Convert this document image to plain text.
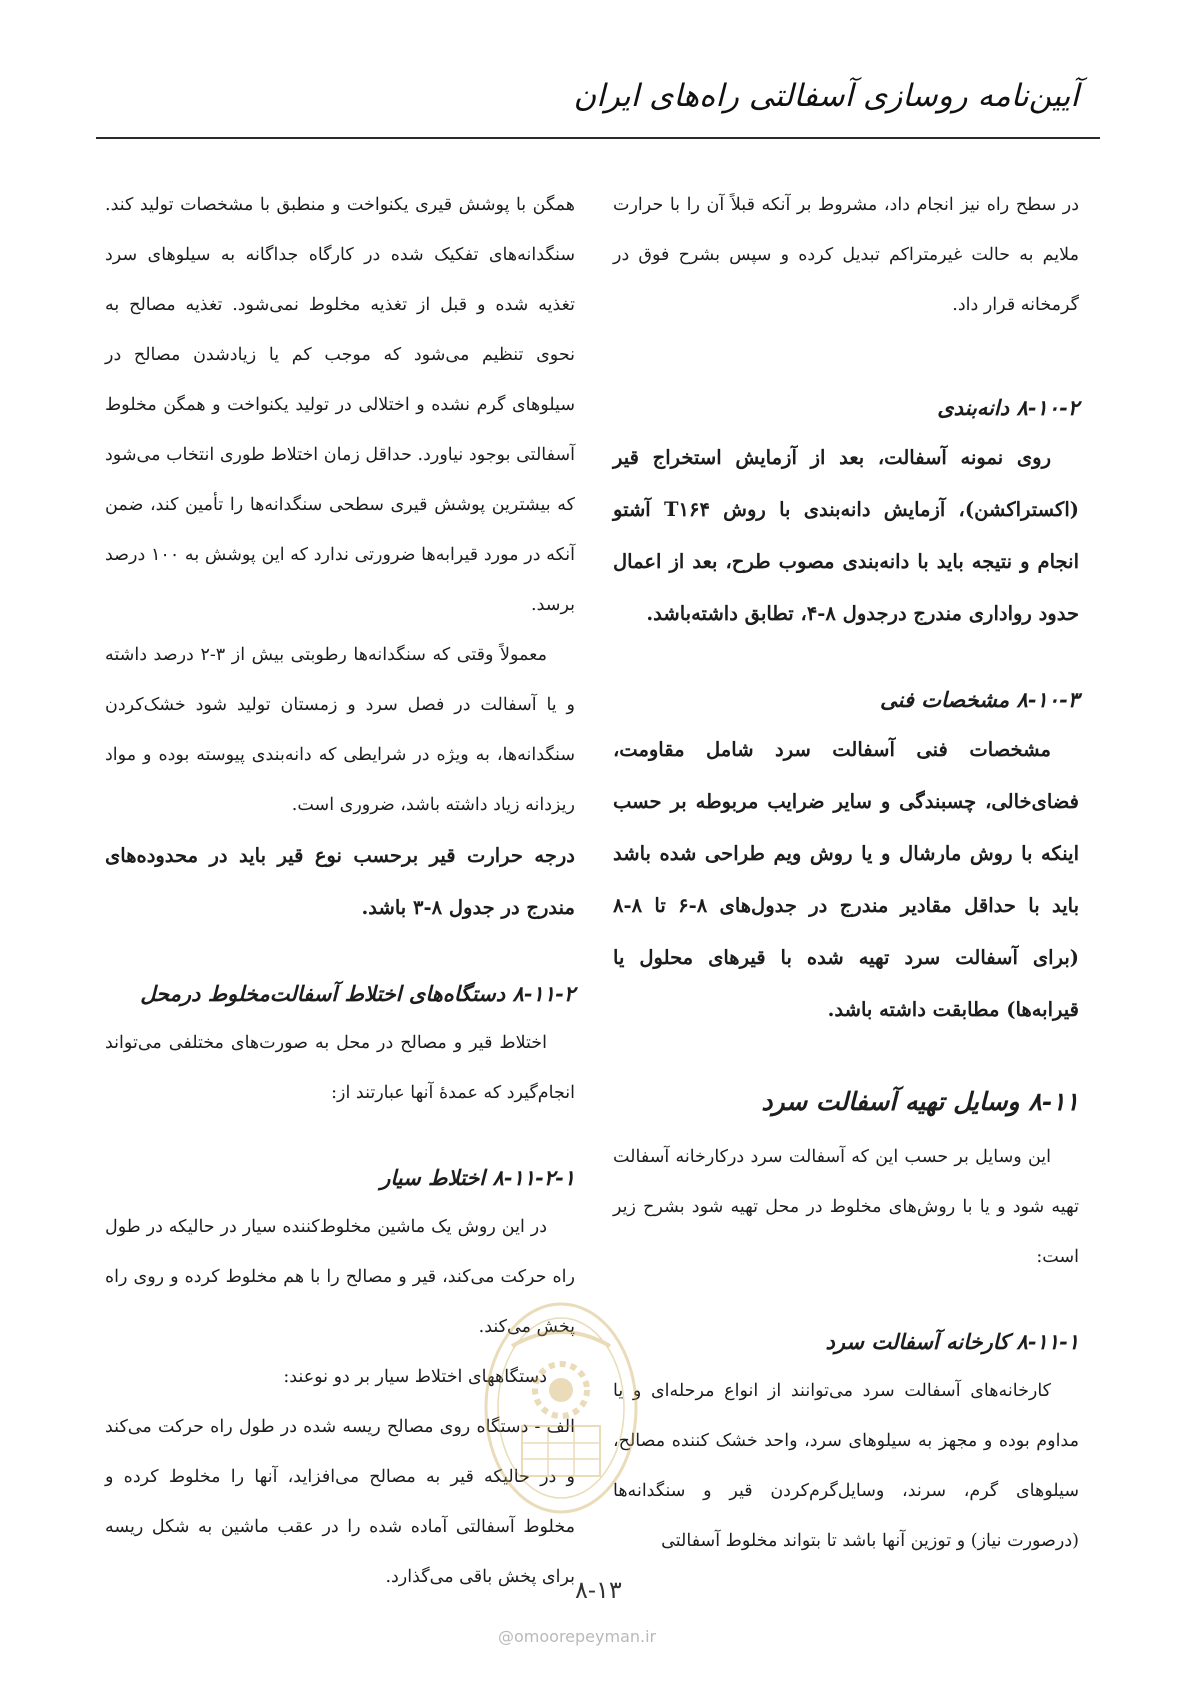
آیین‌نامه روسازی آسفالتی راه‌های ایران

در سطح راه نیز انجام داد، مشروط بر آنکه قبلاً آن را با حرارت ملایم به حالت غیرمتراکم تبدیل کرده و سپس بشرح فوق در گرمخانه قرار داد.

۸-۱۰-۲ دانه‌بندی

روی نمونه آسفالت، بعد از آزمایش استخراج قیر (اکستراکشن)، آزمایش دانه‌بندی با روش T۱۶۴ آشتو انجام و نتیجه باید با دانه‌بندی مصوب طرح، بعد از اعمال حدود رواداری مندرج درجدول ۸-۴، تطابق داشته‌باشد.

۸-۱۰-۳ مشخصات فنی

مشخصات فنی آسفالت سرد شامل مقاومت، فضای‌خالی، چسبندگی و سایر ضرایب مربوطه بر حسب اینکه با روش مارشال و یا روش ویم طراحی شده باشد باید با حداقل مقادیر مندرج در جدول‌های ۸-۶ تا ۸-۸ (برای آسفالت سرد تهیه شده با قیرهای محلول یا قیرابه‌ها) مطابقت داشته باشد.

۸-۱۱ وسایل تهیه آسفالت سرد

این وسایل بر حسب این که آسفالت سرد درکارخانه آسفالت تهیه شود و یا با روش‌های مخلوط در محل تهیه شود بشرح زیر است:

۸-۱۱-۱ کارخانه آسفالت سرد

کارخانه‌های آسفالت سرد می‌توانند از انواع مرحله‌ای و یا مداوم بوده و مجهز به سیلوهای سرد، واحد خشک کننده مصالح، سیلوهای گرم، سرند، وسایل‌گرم‌کردن قیر و سنگدانه‌ها (درصورت نیاز) و توزین آنها باشد تا بتواند مخلوط آسفالتی

همگن با پوشش قیری یکنواخت و منطبق با مشخصات تولید کند. سنگدانه‌های تفکیک شده در کارگاه جداگانه به سیلوهای سرد تغذیه شده و قبل از تغذیه مخلوط نمی‌شود. تغذیه مصالح به نحوی تنظیم می‌شود که موجب کم یا زیادشدن مصالح در سیلوهای گرم نشده و اختلالی در تولید یکنواخت و همگن مخلوط آسفالتی بوجود نیاورد. حداقل زمان اختلاط طوری انتخاب می‌شود که بیشترین پوشش قیری سطحی سنگدانه‌ها را تأمین کند، ضمن آنکه در مورد قیرابه‌ها ضرورتی ندارد که این پوشش به ۱۰۰ درصد برسد.

معمولاً وقتی که سنگدانه‌ها رطوبتی بیش از ۳-۲ درصد داشته و یا آسفالت در فصل سرد و زمستان تولید شود خشک‌کردن سنگدانه‌ها، به ویژه در شرایطی که دانه‌بندی پیوسته بوده و مواد ریزدانه زیاد داشته باشد، ضروری است.

درجه حرارت قیر برحسب نوع قیر باید در محدوده‌های مندرج در جدول ۸-۳ باشد.

۸-۱۱-۲ دستگاه‌های اختلاط آسفالت‌مخلوط در‌محل

اختلاط قیر و مصالح در محل به صورت‌های مختلفی می‌تواند انجام‌گیرد که عمدهٔ آنها عبارتند از:

۸-۱۱-۲-۱ اختلاط سیار

در این روش یک ماشین مخلوط‌کننده سیار در حالیکه در طول راه حرکت می‌کند، قیر و مصالح را با هم مخلوط کرده و روی راه پخش می‌کند.

دستگاههای اختلاط سیار بر دو نوعند:

الف - دستگاه روی مصالح ریسه شده در طول راه حرکت می‌کند و در حالیکه قیر به مصالح می‌افزاید، آنها را مخلوط کرده و مخلوط آسفالتی آماده شده را در عقب ماشین به شکل ریسه برای پخش باقی می‌گذارد. ۸-۱۳
@omoorepeyman.ir
